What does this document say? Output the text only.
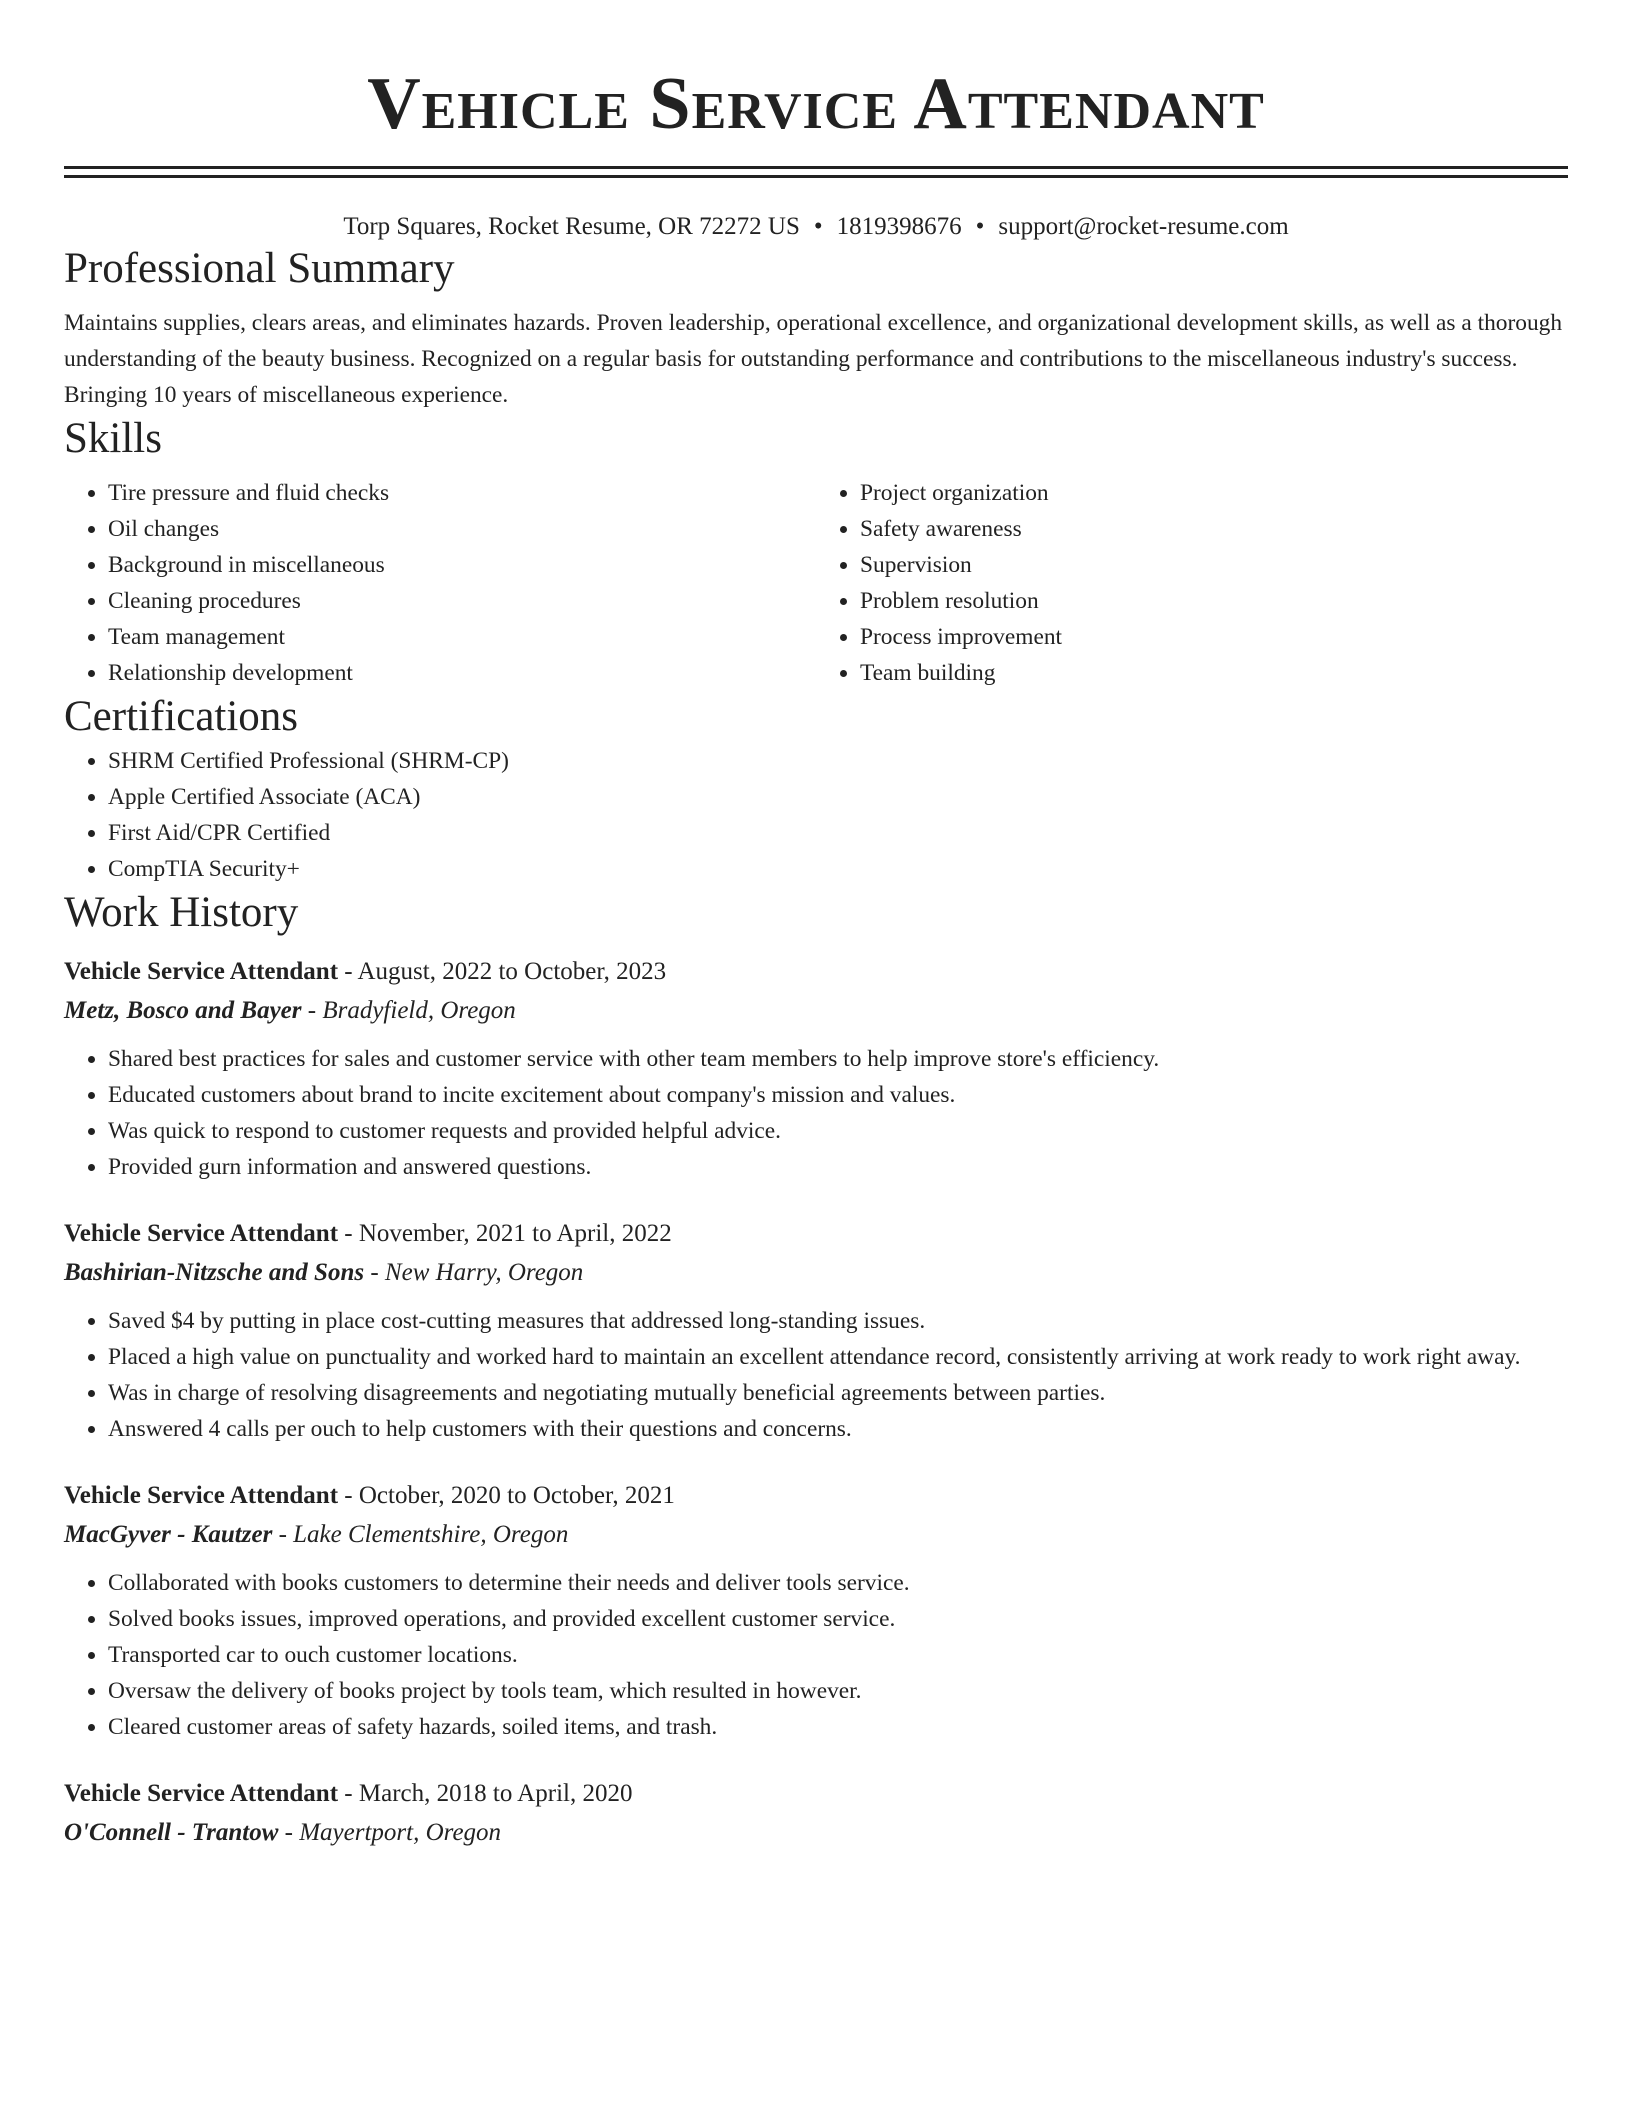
Vehicle Service Attendant
Torp Squares, Rocket Resume, OR 72272 US • 1819398676 • support@rocket-resume.com
Professional Summary

Maintains supplies, clears areas, and eliminates hazards. Proven leadership, operational excellence, and organizational development skills, as well as a thorough understanding of the beauty business. Recognized on a regular basis for outstanding performance and contributions to the miscellaneous industry's success. Bringing 10 years of miscellaneous experience.

Skills
• Tire pressure and fluid checks
• Oil changes
• Background in miscellaneous
• Cleaning procedures
• Team management
• Relationship development
• Project organization
• Safety awareness
• Supervision
• Problem resolution
• Process improvement
• Team building
Certifications
• SHRM Certified Professional (SHRM-CP)
• Apple Certified Associate (ACA)
• First Aid/CPR Certified
• CompTIA Security+
Work History
Vehicle Service Attendant - August, 2022 to October, 2023
Metz, Bosco and Bayer - Bradyfield, Oregon
• Shared best practices for sales and customer service with other team members to help improve store's efficiency.
• Educated customers about brand to incite excitement about company's mission and values.
• Was quick to respond to customer requests and provided helpful advice.
• Provided gurn information and answered questions.
Vehicle Service Attendant - November, 2021 to April, 2022
Bashirian-Nitzsche and Sons - New Harry, Oregon
• Saved $4 by putting in place cost-cutting measures that addressed long-standing issues.
• Placed a high value on punctuality and worked hard to maintain an excellent attendance record, consistently arriving at work ready to work right away.
• Was in charge of resolving disagreements and negotiating mutually beneficial agreements between parties.
• Answered 4 calls per ouch to help customers with their questions and concerns.
Vehicle Service Attendant - October, 2020 to October, 2021
MacGyver - Kautzer - Lake Clementshire, Oregon
• Collaborated with books customers to determine their needs and deliver tools service.
• Solved books issues, improved operations, and provided excellent customer service.
• Transported car to ouch customer locations.
• Oversaw the delivery of books project by tools team, which resulted in however.
• Cleared customer areas of safety hazards, soiled items, and trash.
Vehicle Service Attendant - March, 2018 to April, 2020
O'Connell - Trantow - Mayertport, Oregon
